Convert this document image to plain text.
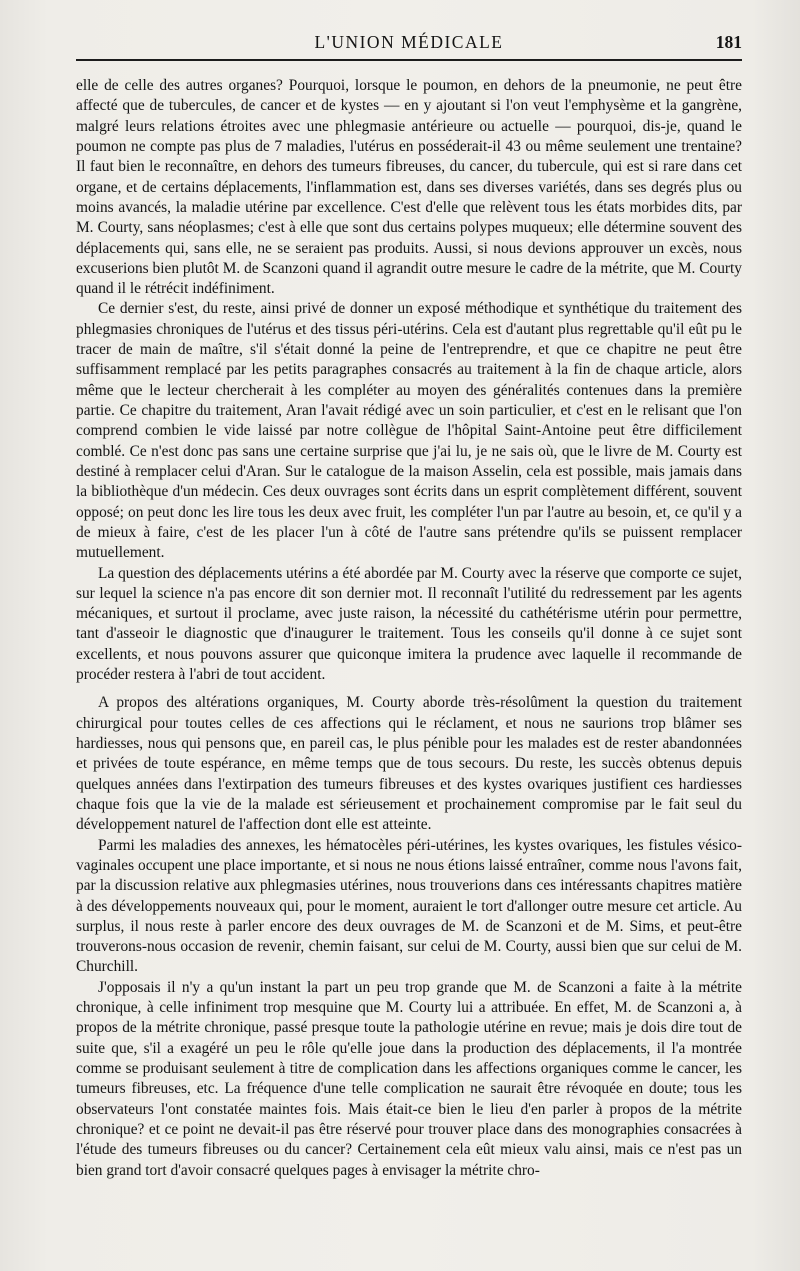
L'UNION MÉDICALE	181

elle de celle des autres organes? Pourquoi, lorsque le poumon, en dehors de la pneumonie, ne peut être affecté que de tubercules, de cancer et de kystes — en y ajoutant si l'on veut l'emphysème et la gangrène, malgré leurs relations étroites avec une phlegmasie antérieure ou actuelle — pourquoi, dis-je, quand le poumon ne compte pas plus de 7 maladies, l'utérus en posséderait-il 43 ou même seulement une trentaine? Il faut bien le reconnaître, en dehors des tumeurs fibreuses, du cancer, du tubercule, qui est si rare dans cet organe, et de certains déplacements, l'inflammation est, dans ses diverses variétés, dans ses degrés plus ou moins avancés, la maladie utérine par excellence. C'est d'elle que relèvent tous les états morbides dits, par M. Courty, sans néoplasmes; c'est à elle que sont dus certains polypes muqueux; elle détermine souvent des déplacements qui, sans elle, ne se seraient pas produits. Aussi, si nous devions approuver un excès, nous excuserions bien plutôt M. de Scanzoni quand il agrandit outre mesure le cadre de la métrite, que M. Courty quand il le rétrécit indéfiniment.

Ce dernier s'est, du reste, ainsi privé de donner un exposé méthodique et synthétique du traitement des phlegmasies chroniques de l'utérus et des tissus péri-utérins. Cela est d'autant plus regrettable qu'il eût pu le tracer de main de maître, s'il s'était donné la peine de l'entreprendre, et que ce chapitre ne peut être suffisamment remplacé par les petits paragraphes consacrés au traitement à la fin de chaque article, alors même que le lecteur chercherait à les compléter au moyen des généralités contenues dans la première partie. Ce chapitre du traitement, Aran l'avait rédigé avec un soin particulier, et c'est en le relisant que l'on comprend combien le vide laissé par notre collègue de l'hôpital Saint-Antoine peut être difficilement comblé. Ce n'est donc pas sans une certaine surprise que j'ai lu, je ne sais où, que le livre de M. Courty est destiné à remplacer celui d'Aran. Sur le catalogue de la maison Asselin, cela est possible, mais jamais dans la bibliothèque d'un médecin. Ces deux ouvrages sont écrits dans un esprit complètement différent, souvent opposé; on peut donc les lire tous les deux avec fruit, les compléter l'un par l'autre au besoin, et, ce qu'il y a de mieux à faire, c'est de les placer l'un à côté de l'autre sans prétendre qu'ils se puissent remplacer mutuellement.

La question des déplacements utérins a été abordée par M. Courty avec la réserve que comporte ce sujet, sur lequel la science n'a pas encore dit son dernier mot. Il reconnaît l'utilité du redressement par les agents mécaniques, et surtout il proclame, avec juste raison, la nécessité du cathétérisme utérin pour permettre, tant d'asseoir le diagnostic que d'inaugurer le traitement. Tous les conseils qu'il donne à ce sujet sont excellents, et nous pouvons assurer que quiconque imitera la prudence avec laquelle il recommande de procéder restera à l'abri de tout accident.

A propos des altérations organiques, M. Courty aborde très-résolûment la question du traitement chirurgical pour toutes celles de ces affections qui le réclament, et nous ne saurions trop blâmer ses hardiesses, nous qui pensons que, en pareil cas, le plus pénible pour les malades est de rester abandonnées et privées de toute espérance, en même temps que de tous secours. Du reste, les succès obtenus depuis quelques années dans l'extirpation des tumeurs fibreuses et des kystes ovariques justifient ces hardiesses chaque fois que la vie de la malade est sérieusement et prochainement compromise par le fait seul du développement naturel de l'affection dont elle est atteinte.

Parmi les maladies des annexes, les hématocèles péri-utérines, les kystes ovariques, les fistules vésico-vaginales occupent une place importante, et si nous ne nous étions laissé entraîner, comme nous l'avons fait, par la discussion relative aux phlegmasies utérines, nous trouverions dans ces intéressants chapitres matière à des développements nouveaux qui, pour le moment, auraient le tort d'allonger outre mesure cet article. Au surplus, il nous reste à parler encore des deux ouvrages de M. de Scanzoni et de M. Sims, et peut-être trouverons-nous occasion de revenir, chemin faisant, sur celui de M. Courty, aussi bien que sur celui de M. Churchill.

J'opposais il n'y a qu'un instant la part un peu trop grande que M. de Scanzoni a faite à la métrite chronique, à celle infiniment trop mesquine que M. Courty lui a attribuée. En effet, M. de Scanzoni a, à propos de la métrite chronique, passé presque toute la pathologie utérine en revue; mais je dois dire tout de suite que, s'il a exagéré un peu le rôle qu'elle joue dans la production des déplacements, il l'a montrée comme se produisant seulement à titre de complication dans les affections organiques comme le cancer, les tumeurs fibreuses, etc. La fréquence d'une telle complication ne saurait être révoquée en doute; tous les observateurs l'ont constatée maintes fois. Mais était-ce bien le lieu d'en parler à propos de la métrite chronique? et ce point ne devait-il pas être réservé pour trouver place dans des monographies consacrées à l'étude des tumeurs fibreuses ou du cancer? Certainement cela eût mieux valu ainsi, mais ce n'est pas un bien grand tort d'avoir consacré quelques pages à envisager la métrite chro-
